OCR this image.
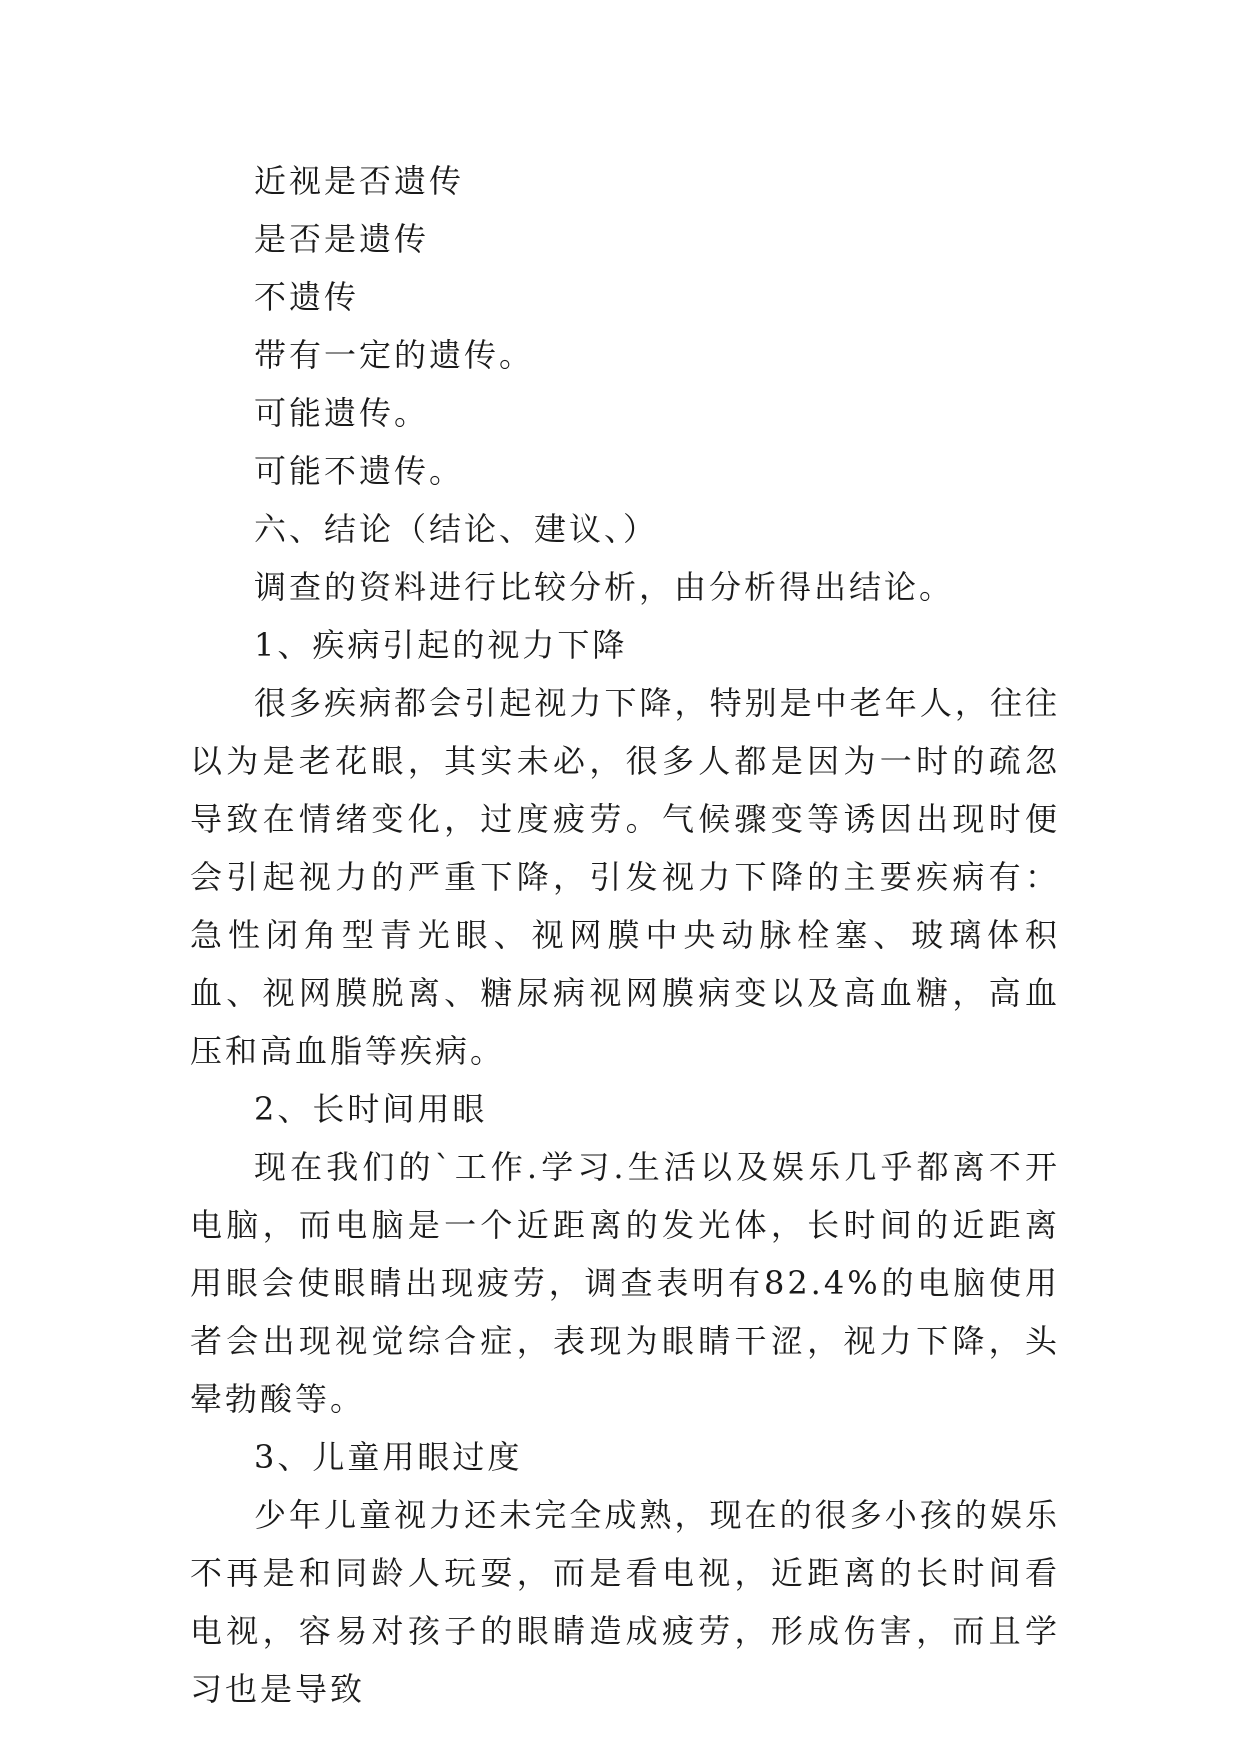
近视是否遗传
是否是遗传
不遗传
带有一定的遗传。
可能遗传。
可能不遗传。
六、结论（结论、建议、）
调查的资料进行比较分析，由分析得出结论。
1、疾病引起的视力下降

很多疾病都会引起视力下降，特别是中老年人，往往以为是老花眼，其实未必，很多人都是因为一时的疏忽导致在情绪变化，过度疲劳。气候骤变等诱因出现时便会引起视力的严重下降，引发视力下降的主要疾病有：急性闭角型青光眼、视网膜中央动脉栓塞、玻璃体积血、视网膜脱离、糖尿病视网膜病变以及高血糖，高血压和高血脂等疾病。

2、长时间用眼

现在我们的`工作.学习.生活以及娱乐几乎都离不开电脑，而电脑是一个近距离的发光体，长时间的近距离用眼会使眼睛出现疲劳，调查表明有82.4%的电脑使用者会出现视觉综合症，表现为眼睛干涩，视力下降，头晕勃酸等。

3、儿童用眼过度

少年儿童视力还未完全成熟，现在的很多小孩的娱乐不再是和同龄人玩耍，而是看电视，近距离的长时间看电视，容易对孩子的眼睛造成疲劳，形成伤害，而且学习也是导致
